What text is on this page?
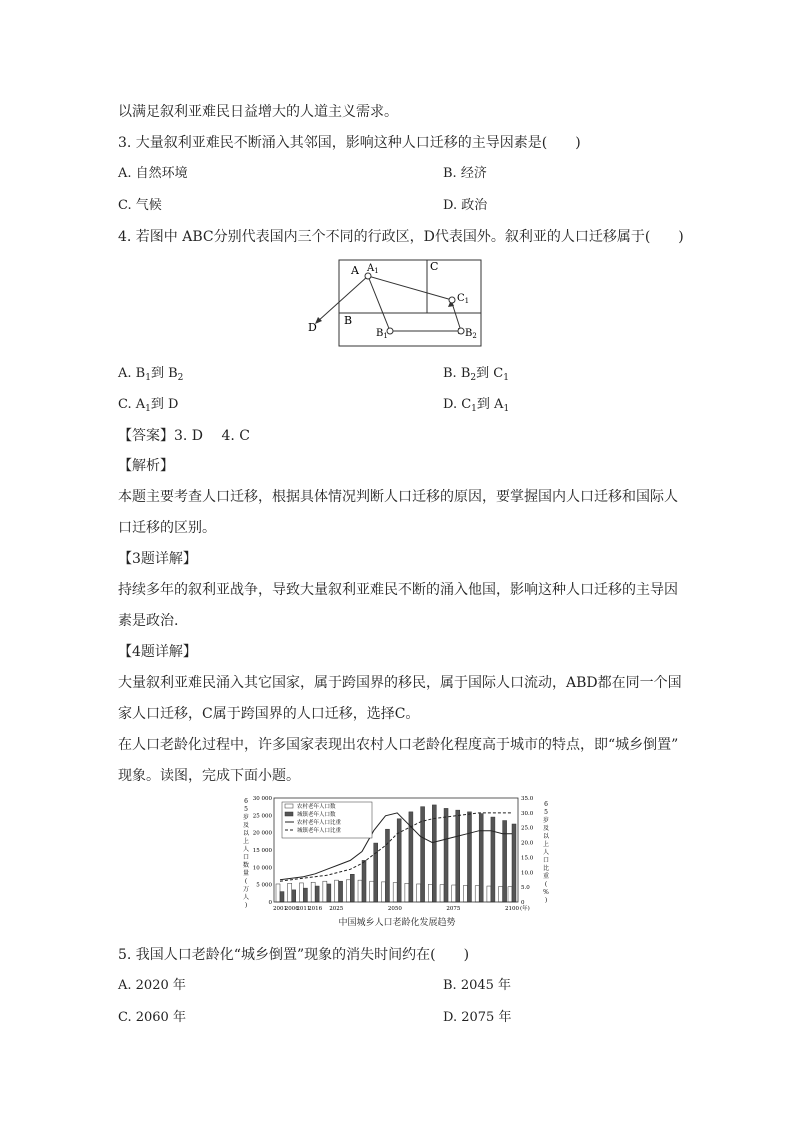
以满足叙利亚难民日益增大的人道主义需求。
3. 大量叙利亚难民不断涌入其邻国，影响这种人口迁移的主导因素是(　　)
A. 自然环境	B. 经济
C. 气候	D. 政治
4. 若图中 ABC分别代表国内三个不同的行政区，D代表国外。叙利亚的人口迁移属于(　　)
A $A_1$	C
$C_1$
B
$B_1$	$B_2$
D
A. $B_1$到 $B_2$	B. $B_2$到 $C_1$
C. $A_1$到 D	D. $C_1$到 $A_1$
【答案】3. D　 4. C
【解析】
本题主要考查人口迁移，根据具体情况判断人口迁移的原因，要掌握国内人口迁移和国际人
口迁移的区别。
【3题详解】
持续多年的叙利亚战争，导致大量叙利亚难民不断的涌入他国，影响这种人口迁移的主导因
素是政治.
【4题详解】
大量叙利亚难民涌入其它国家，属于跨国界的移民，属于国际人口流动，ABD都在同一个国
家人口迁移，C属于跨国界的人口迁移，选择C。
在人口老龄化过程中，许多国家表现出农村人口老龄化程度高于城市的特点，即“城乡倒置”
现象。读图，完成下面小题。
30 000
25 000
20 000
15 000
10 000
5 000
0
35.0
30.0
25.0
20.0
15.0
10.0
5.0
0
2001
2006
2011
2016 2025	2050	2075	2100 (年)
6
5
岁
及
以
上
人
口
数
量
(
万
人
)
6
5
岁
及
以
上
人
口
比
重
(
%
)
农村老年人口数
城镇老年人口数
农村老年人口比重
城镇老年人口比重
中国城乡人口老龄化发展趋势
5. 我国人口老龄化“城乡倒置”现象的消失时间约在(　　)
A. 2020 年	B. 2045 年
C. 2060 年	D. 2075 年
